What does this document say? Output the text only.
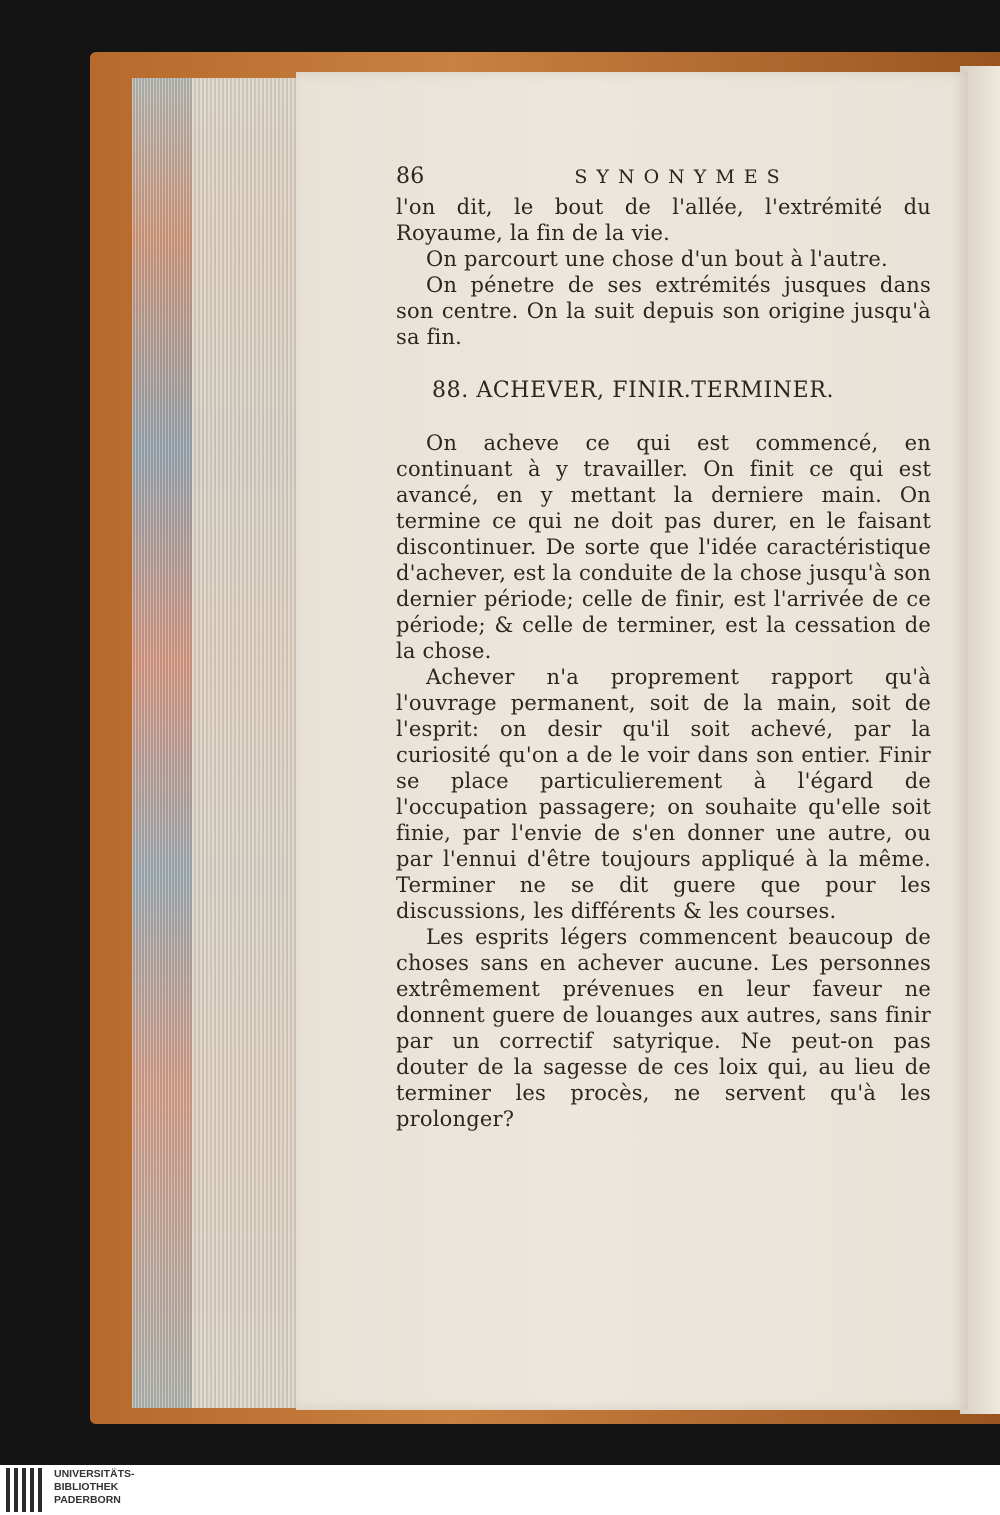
86	SYNONYMES

l'on dit, le bout de l'allée, l'extrémité du Royaume, la fin de la vie.

On parcourt une chose d'un bout à l'autre.

On pénetre de ses extrémités jusques dans son centre. On la suit depuis son origine jusqu'à sa fin.

88. ACHEVER, FINIR.TERMINER.

On acheve ce qui est commencé, en continuant à y travailler. On finit ce qui est avancé, en y mettant la derniere main. On termine ce qui ne doit pas durer, en le faisant discontinuer. De sorte que l'idée caractéristique d'achever, est la conduite de la chose jusqu'à son dernier période; celle de finir, est l'arrivée de ce période; & celle de terminer, est la cessation de la chose.

Achever n'a proprement rapport qu'à l'ouvrage permanent, soit de la main, soit de l'esprit: on desir qu'il soit achevé, par la curiosité qu'on a de le voir dans son entier. Finir se place particulierement à l'égard de l'occupation passagere; on souhaite qu'elle soit finie, par l'envie de s'en donner une autre, ou par l'ennui d'être toujours appliqué à la même. Terminer ne se dit guere que pour les discussions, les différents & les courses.

Les esprits légers commencent beaucoup de choses sans en achever aucune. Les personnes extrêmement prévenues en leur faveur ne donnent guere de louanges aux autres, sans finir par un correctif satyrique. Ne peut-on pas douter de la sagesse de ces loix qui, au lieu de terminer les procès, ne servent qu'à les prolonger?

UNIVERSITÄTS-
BIBLIOTHEK
PADERBORN
